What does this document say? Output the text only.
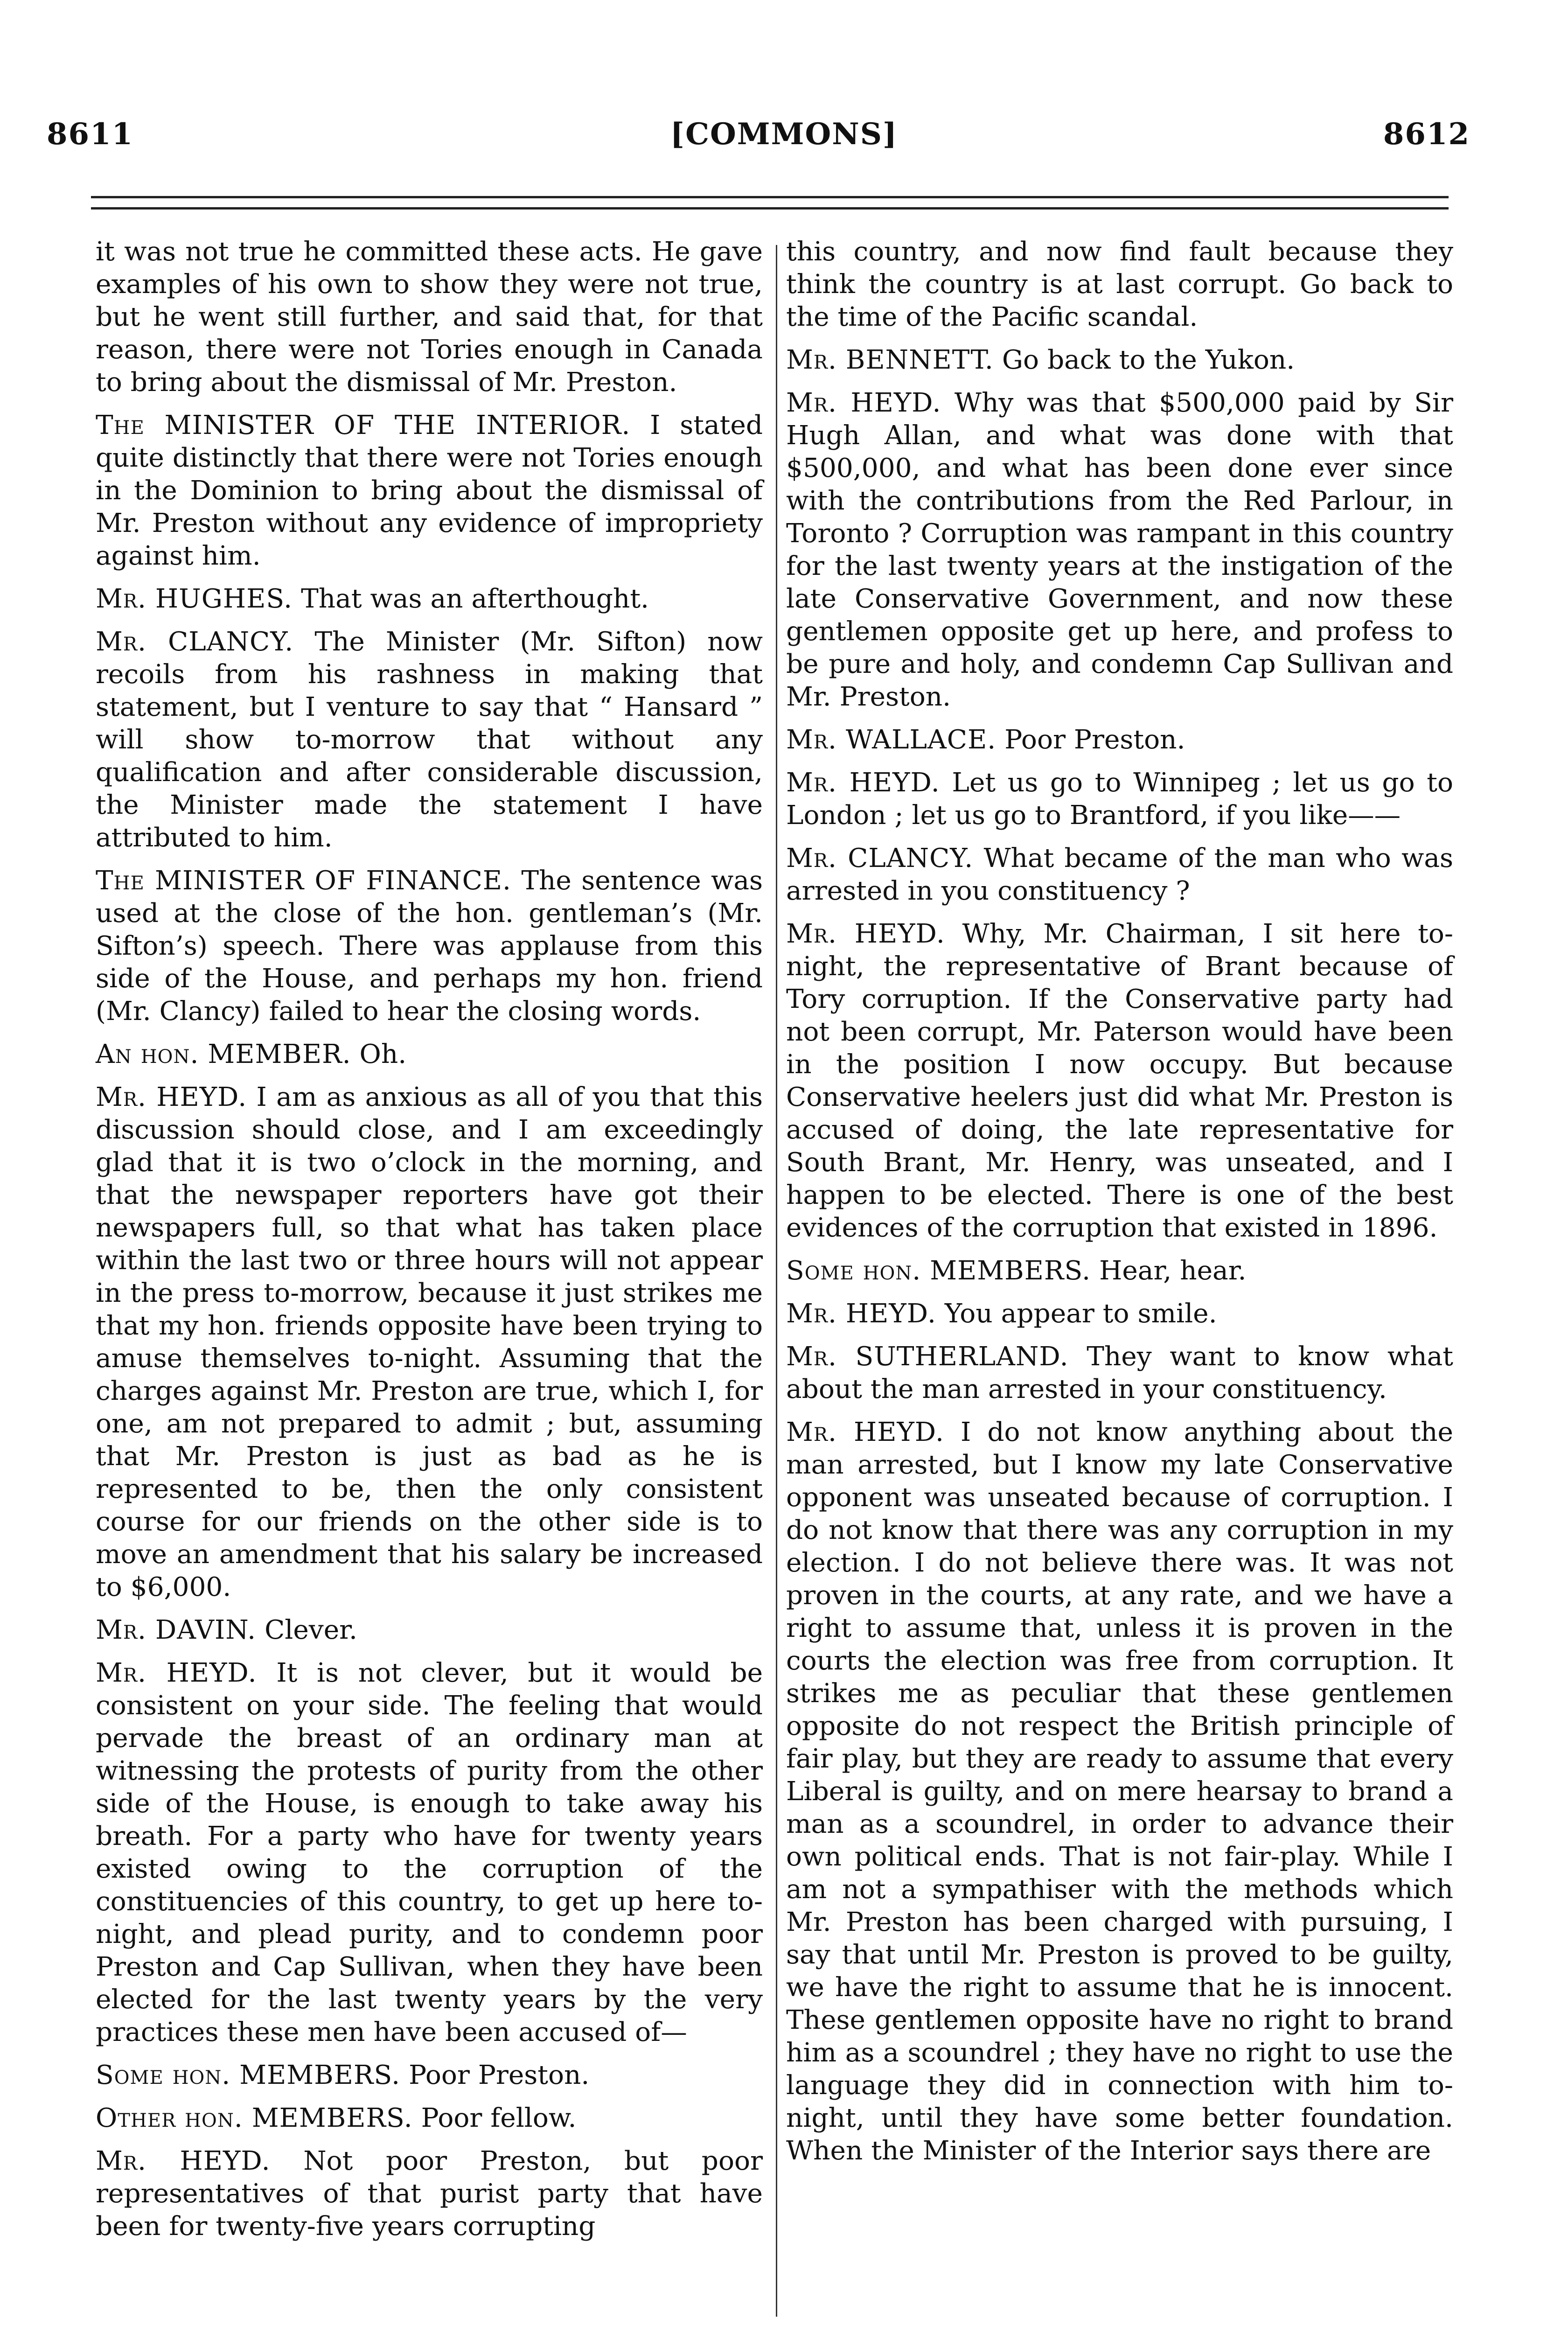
8611	[COMMONS]	8612

it was not true he committed these acts. He gave examples of his own to show they were not true, but he went still further, and said that, for that reason, there were not Tories enough in Canada to bring about the dismissal of Mr. Preston.

The MINISTER OF THE INTERIOR. I stated quite distinctly that there were not Tories enough in the Dominion to bring about the dismissal of Mr. Preston without any evidence of impropriety against him.

Mr. HUGHES. That was an afterthought.

Mr. CLANCY. The Minister (Mr. Sifton) now recoils from his rashness in making that statement, but I venture to say that “ Hansard ” will show to-morrow that without any qualification and after considerable discussion, the Minister made the statement I have attributed to him.

The MINISTER OF FINANCE. The sentence was used at the close of the hon. gentleman’s (Mr. Sifton’s) speech. There was applause from this side of the House, and perhaps my hon. friend (Mr. Clancy) failed to hear the closing words.

An hon. MEMBER. Oh.

Mr. HEYD. I am as anxious as all of you that this discussion should close, and I am exceedingly glad that it is two o’clock in the morning, and that the newspaper reporters have got their newspapers full, so that what has taken place within the last two or three hours will not appear in the press to-morrow, because it just strikes me that my hon. friends opposite have been trying to amuse themselves to-night. Assuming that the charges against Mr. Preston are true, which I, for one, am not prepared to admit ; but, assuming that Mr. Preston is just as bad as he is represented to be, then the only consistent course for our friends on the other side is to move an amendment that his salary be increased to $6,000.

Mr. DAVIN. Clever.

Mr. HEYD. It is not clever, but it would be consistent on your side. The feeling that would pervade the breast of an ordinary man at witnessing the protests of purity from the other side of the House, is enough to take away his breath. For a party who have for twenty years existed owing to the corruption of the constituencies of this country, to get up here to-night, and plead purity, and to condemn poor Preston and Cap Sullivan, when they have been elected for the last twenty years by the very practices these men have been accused of—

Some hon. MEMBERS. Poor Preston.

Other hon. MEMBERS. Poor fellow.

Mr. HEYD. Not poor Preston, but poor representatives of that purist party that have been for twenty-five years corrupting

this country, and now find fault because they think the country is at last corrupt. Go back to the time of the Pacific scandal.

Mr. BENNETT. Go back to the Yukon.

Mr. HEYD. Why was that $500,000 paid by Sir Hugh Allan, and what was done with that $500,000, and what has been done ever since with the contributions from the Red Parlour, in Toronto ? Corruption was rampant in this country for the last twenty years at the instigation of the late Conservative Government, and now these gentlemen opposite get up here, and profess to be pure and holy, and condemn Cap Sullivan and Mr. Preston.

Mr. WALLACE. Poor Preston.

Mr. HEYD. Let us go to Winnipeg ; let us go to London ; let us go to Brantford, if you like——

Mr. CLANCY. What became of the man who was arrested in you constituency ?

Mr. HEYD. Why, Mr. Chairman, I sit here to-night, the representative of Brant because of Tory corruption. If the Conservative party had not been corrupt, Mr. Paterson would have been in the position I now occupy. But because Conservative heelers just did what Mr. Preston is accused of doing, the late representative for South Brant, Mr. Henry, was unseated, and I happen to be elected. There is one of the best evidences of the corruption that existed in 1896.

Some hon. MEMBERS. Hear, hear.

Mr. HEYD. You appear to smile.

Mr. SUTHERLAND. They want to know what about the man arrested in your constituency.

Mr. HEYD. I do not know anything about the man arrested, but I know my late Conservative opponent was unseated because of corruption. I do not know that there was any corruption in my election. I do not believe there was. It was not proven in the courts, at any rate, and we have a right to assume that, unless it is proven in the courts the election was free from corruption. It strikes me as peculiar that these gentlemen opposite do not respect the British principle of fair play, but they are ready to assume that every Liberal is guilty, and on mere hearsay to brand a man as a scoundrel, in order to advance their own political ends. That is not fair-play. While I am not a sympathiser with the methods which Mr. Preston has been charged with pursuing, I say that until Mr. Preston is proved to be guilty, we have the right to assume that he is innocent. These gentlemen opposite have no right to brand him as a scoundrel ; they have no right to use the language they did in connection with him to-night, until they have some better foundation. When the Minister of the Interior says there are
